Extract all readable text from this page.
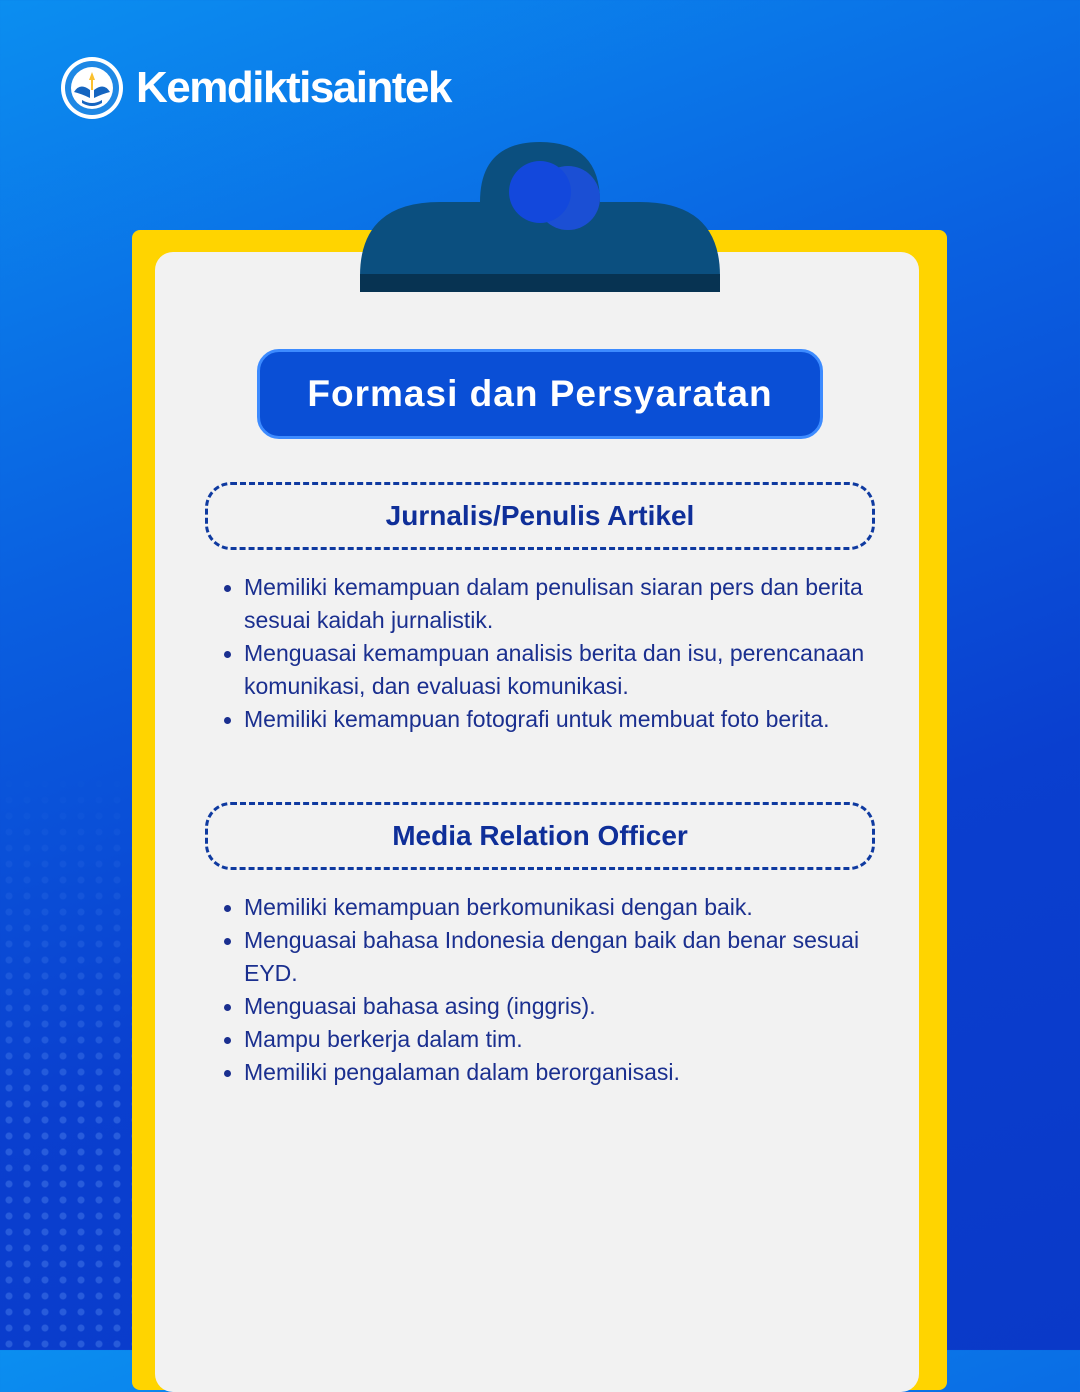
Kemdiktisaintek
Formasi dan Persyaratan
Jurnalis/Penulis Artikel
Memiliki kemampuan dalam penulisan siaran pers dan berita sesuai kaidah jurnalistik.
Menguasai kemampuan analisis berita dan isu, perencanaan komunikasi, dan evaluasi komunikasi.
Memiliki kemampuan fotografi untuk membuat foto berita.
Media Relation Officer
Memiliki kemampuan berkomunikasi dengan baik.
Menguasai bahasa Indonesia dengan baik dan benar sesuai EYD.
Menguasai bahasa asing (inggris).
Mampu berkerja dalam tim.
Memiliki pengalaman dalam berorganisasi.
